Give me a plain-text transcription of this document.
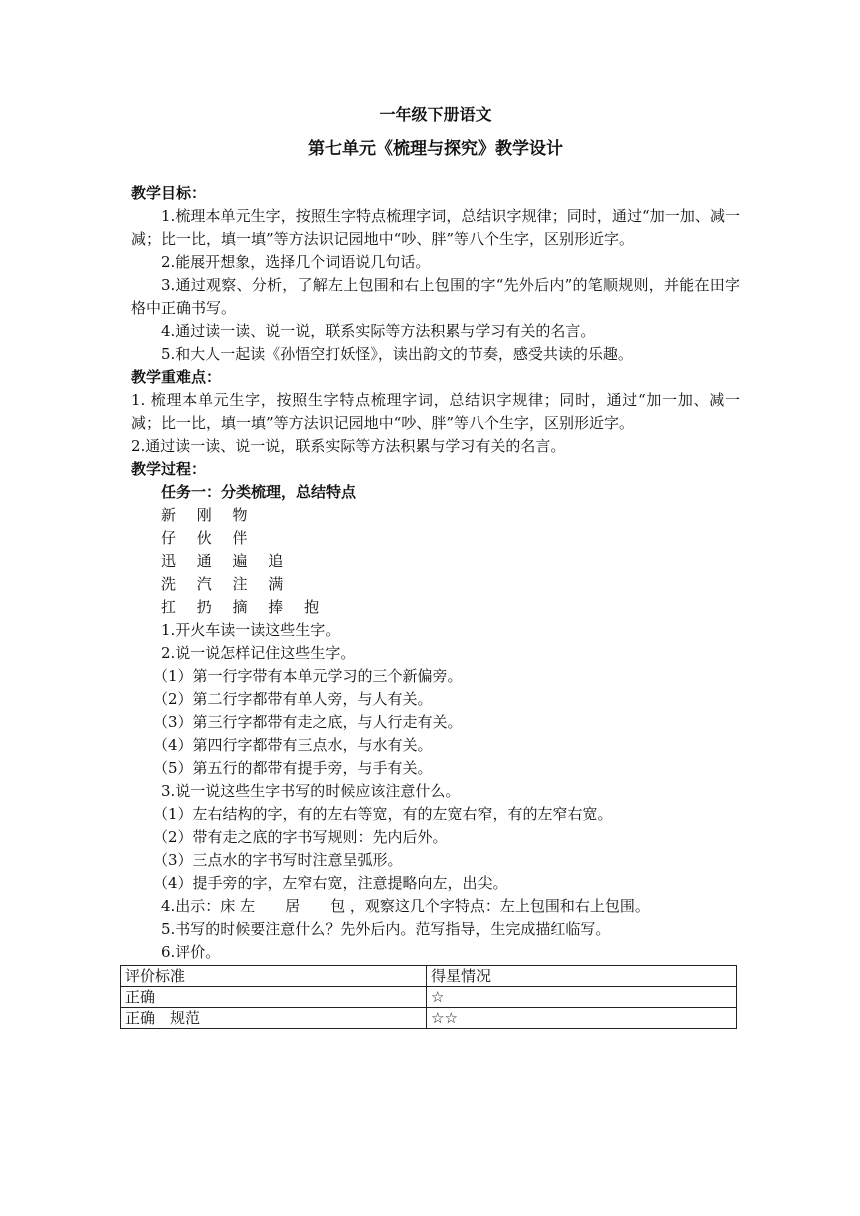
一年级下册语文
第七单元《梳理与探究》教学设计
教学目标：
1.梳理本单元生字，按照生字特点梳理字词，总结识字规律；同时，通过“加一加、减一减；比一比，填一填”等方法识记园地中“吵、胖”等八个生字，区别形近字。
2.能展开想象，选择几个词语说几句话。
3.通过观察、分析，了解左上包围和右上包围的字“先外后内”的笔顺规则，并能在田字格中正确书写。
4.通过读一读、说一说，联系实际等方法积累与学习有关的名言。
5.和大人一起读《孙悟空打妖怪》，读出韵文的节奏，感受共读的乐趣。
教学重难点：
1. 梳理本单元生字，按照生字特点梳理字词，总结识字规律；同时，通过“加一加、减一减；比一比，填一填”等方法识记园地中“吵、胖”等八个生字，区别形近字。
2.通过读一读、说一说，联系实际等方法积累与学习有关的名言。
教学过程：
任务一：分类梳理，总结特点
新 刚 物
仔 伙 伴
迅 通 遍 追
洗 汽 注 满
扛 扔 摘 捧 抱
1.开火车读一读这些生字。
2.说一说怎样记住这些生字。
（1）第一行字带有本单元学习的三个新偏旁。
（2）第二行字都带有单人旁，与人有关。
（3）第三行字都带有走之底，与人行走有关。
（4）第四行字都带有三点水，与水有关。
（5）第五行的都带有提手旁，与手有关。
3.说一说这些生字书写的时候应该注意什么。
（1）左右结构的字，有的左右等宽，有的左宽右窄，有的左窄右宽。
（2）带有走之底的字书写规则：先内后外。
（3）三点水的字书写时注意呈弧形。
（4）提手旁的字，左窄右宽，注意提略向左，出尖。
4.出示：床 左　　居　　包 ，观察这几个字特点：左上包围和右上包围。
5.书写的时候要注意什么？先外后内。范写指导，生完成描红临写。
6.评价。
评价标准	得星情况
正确	☆
正确　规范	☆☆
